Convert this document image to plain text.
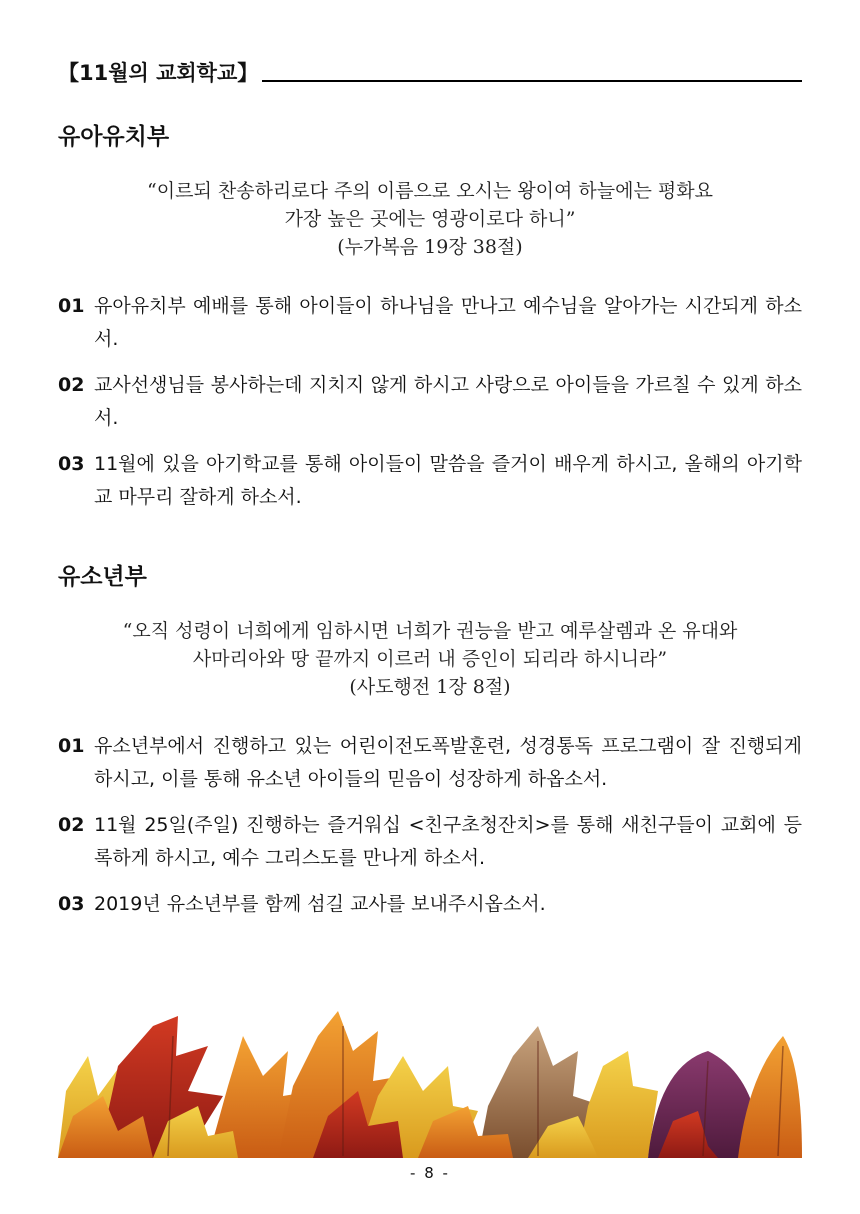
【11월의 교회학교】
유아유치부
“이르되 찬송하리로다 주의 이름으로 오시는 왕이여 하늘에는 평화요
가장 높은 곳에는 영광이로다 하니”
(누가복음 19장 38절)
01 유아유치부 예배를 통해 아이들이 하나님을 만나고 예수님을 알아가는 시간되게 하소서.
02 교사선생님들 봉사하는데 지치지 않게 하시고 사랑으로 아이들을 가르칠 수 있게 하소서.
03 11월에 있을 아기학교를 통해 아이들이 말씀을 즐거이 배우게 하시고, 올해의 아기학교 마무리 잘하게 하소서.
유소년부
“오직 성령이 너희에게 임하시면 너희가 권능을 받고 예루살렘과 온 유대와
사마리아와 땅 끝까지 이르러 내 증인이 되리라 하시니라”
(사도행전 1장 8절)
01 유소년부에서 진행하고 있는 어린이전도폭발훈련, 성경통독 프로그램이 잘 진행되게 하시고, 이를 통해 유소년 아이들의 믿음이 성장하게 하옵소서.
02 11월 25일(주일) 진행하는 즐거워십 <친구초청잔치>를 통해 새친구들이 교회에 등록하게 하시고, 예수 그리스도를 만나게 하소서.
03 2019년 유소년부를 함께 섬길 교사를 보내주시옵소서.
- 8 -
